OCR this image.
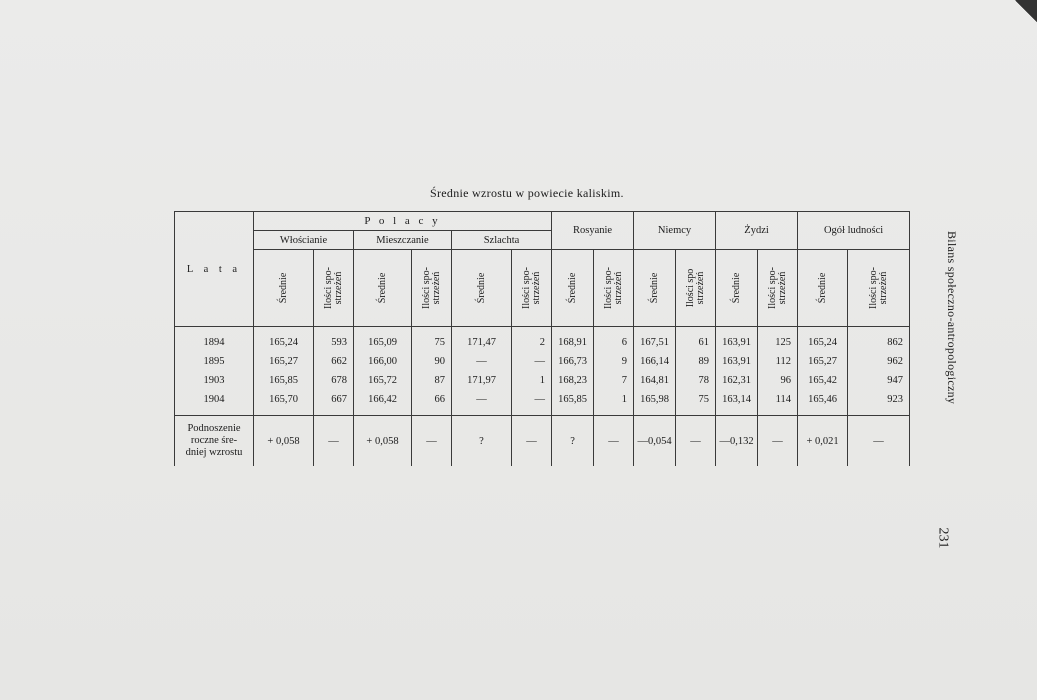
Średnie wzrostu w powiecie kaliskim.
Bilans społeczno-antropologiczny
231
L a t a	P o l a c y						Rosyanie		Niemcy		Żydzi		Ogół ludności	
	Włościanie		Mieszczanie		Szlachta									

	Średnie	Ilości spo-
strzeżeń	Średnie	Ilości spo-
strzeżeń	Średnie	Ilości spo-
strzeżeń	Średnie	Ilości spo-
strzeżeń	Średnie	Ilości spo
strzeżeń	Średnie	Ilości spo-
strzeżeń	Średnie	Ilości spo-
strzeżeń

1894	165,24	593	165,09	75	171,47	2	168,91	6	167,51	61	163,91	125	165,24	862
1895	165,27	662	166,00	90	—	—	166,73	9	166,14	89	163,91	112	165,27	962
1903	165,85	678	165,72	87	171,97	1	168,23	7	164,81	78	162,31	96	165,42	947
1904	165,70	667	166,42	66	—	—	165,85	1	165,98	75	163,14	114	165,46	923
Podnoszenie
roczne śre-
dniej wzrostu	+ 0,058	—	+ 0,058	—	?	—	?	—	—0,054	—	—0,132	—	+ 0,021	—
